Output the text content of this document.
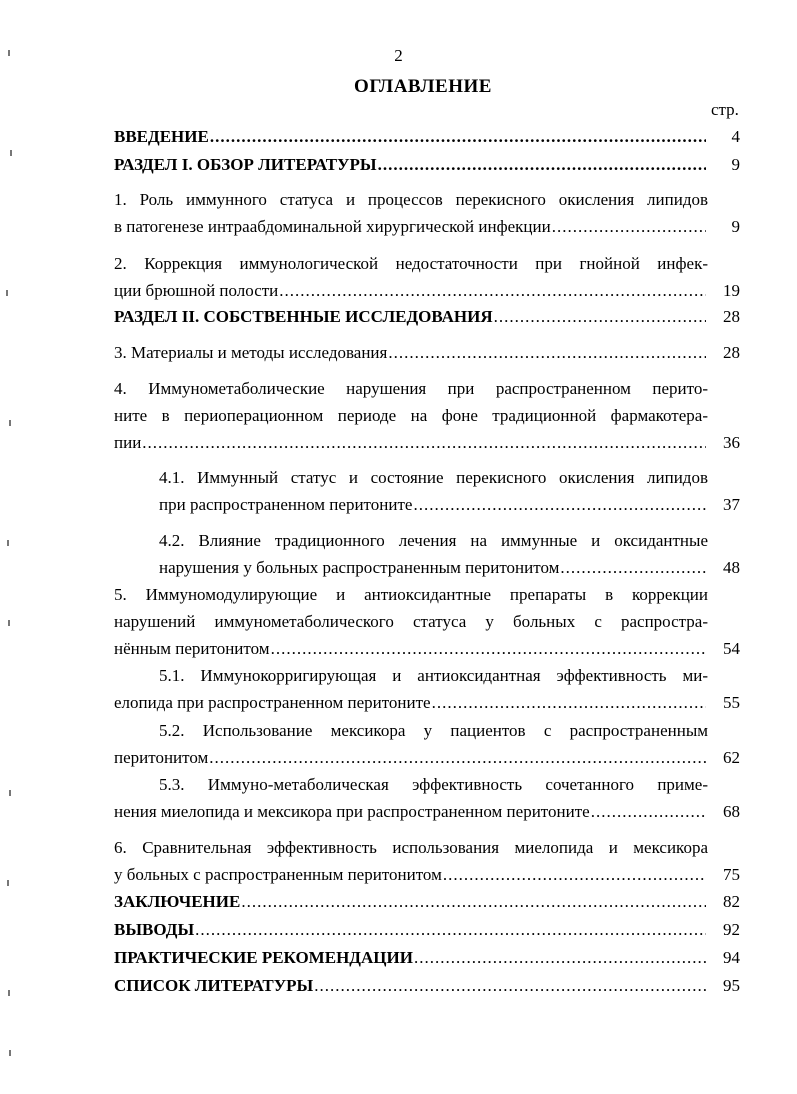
2
ОГЛАВЛЕНИЕ
стр.
ВВЕДЕНИЕ .....	4
РАЗДЕЛ I. ОБЗОР ЛИТЕРАТУРЫ .....	9
1. Роль иммунного статуса и процессов перекисного окисления липидов
в патогенезе интраабдоминальной хирургической инфекции .....	9
2. Коррекция иммунологической недостаточности при гнойной инфек-
ции брюшной полости .....	19
РАЗДЕЛ II. СОБСТВЕННЫЕ ИССЛЕДОВАНИЯ .....	28
3. Материалы и методы исследования .....	28
4. Иммунометаболические нарушения при распространенном перито-
ните в периоперационном периоде на фоне традиционной фармакотера-
пии .....	36
4.1. Иммунный статус и состояние перекисного окисления липидов
при распространенном перитоните .....	37
4.2. Влияние традиционного лечения на иммунные и оксидантные
нарушения у больных распространенным перитонитом .....	48
5. Иммуномодулирующие и антиоксидантные препараты в коррекции
нарушений иммунометаболического статуса у больных с распростра-
нённым перитонитом .....	54
5.1. Иммунокорригирующая и антиоксидантная эффективность ми-
елопида при распространенном перитоните .....	55
5.2. Использование мексикора у пациентов с распространенным
перитонитом .....	62
5.3. Иммуно-метаболическая эффективность сочетанного приме-
нения миелопида и мексикора при распространенном перитоните .....	68
6. Сравнительная эффективность использования миелопида и мексикора
у больных с распространенным перитонитом .....	75
ЗАКЛЮЧЕНИЕ .....	82
ВЫВОДЫ .....	92
ПРАКТИЧЕСКИЕ РЕКОМЕНДАЦИИ .....	94
СПИСОК ЛИТЕРАТУРЫ .....	95
